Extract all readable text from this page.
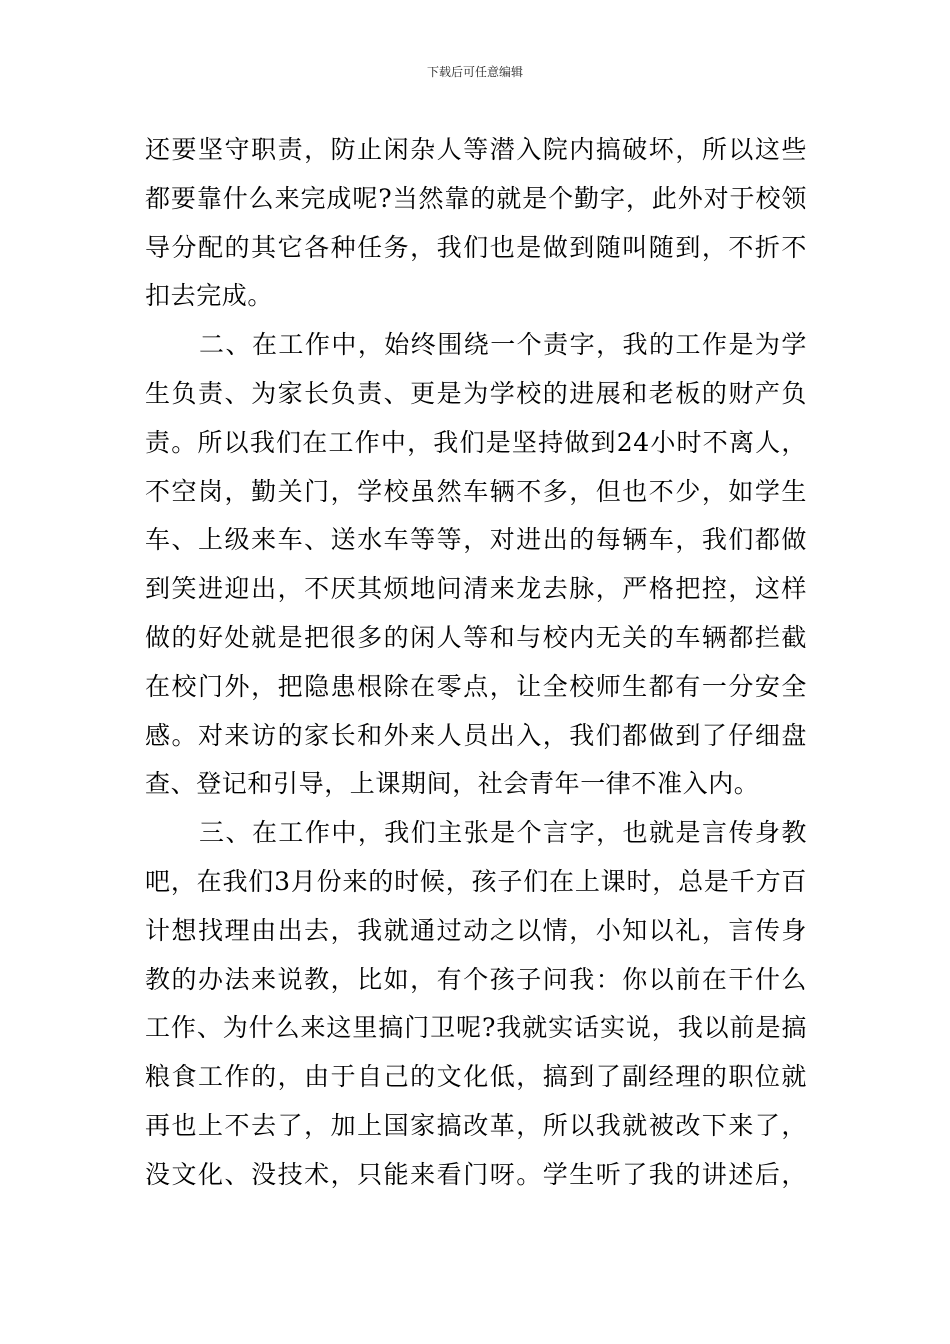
下载后可任意编辑
还要坚守职责，防止闲杂人等潜入院内搞破坏，所以这些
都要靠什么来完成呢?当然靠的就是个勤字，此外对于校领
导分配的其它各种任务，我们也是做到随叫随到，不折不
扣去完成。
二、在工作中，始终围绕一个责字，我的工作是为学
生负责、为家长负责、更是为学校的进展和老板的财产负
责。所以我们在工作中，我们是坚持做到24小时不离人，
不空岗，勤关门，学校虽然车辆不多，但也不少，如学生
车、上级来车、送水车等等，对进出的每辆车，我们都做
到笑进迎出，不厌其烦地问清来龙去脉，严格把控，这样
做的好处就是把很多的闲人等和与校内无关的车辆都拦截
在校门外，把隐患根除在零点，让全校师生都有一分安全
感。对来访的家长和外来人员出入，我们都做到了仔细盘
查、登记和引导，上课期间，社会青年一律不准入内。
三、在工作中，我们主张是个言字，也就是言传身教
吧，在我们3月份来的时候，孩子们在上课时，总是千方百
计想找理由出去，我就通过动之以情，小知以礼，言传身
教的办法来说教，比如，有个孩子问我：你以前在干什么
工作、为什么来这里搞门卫呢?我就实话实说，我以前是搞
粮食工作的，由于自己的文化低，搞到了副经理的职位就
再也上不去了，加上国家搞改革，所以我就被改下来了，
没文化、没技术，只能来看门呀。学生听了我的讲述后，
